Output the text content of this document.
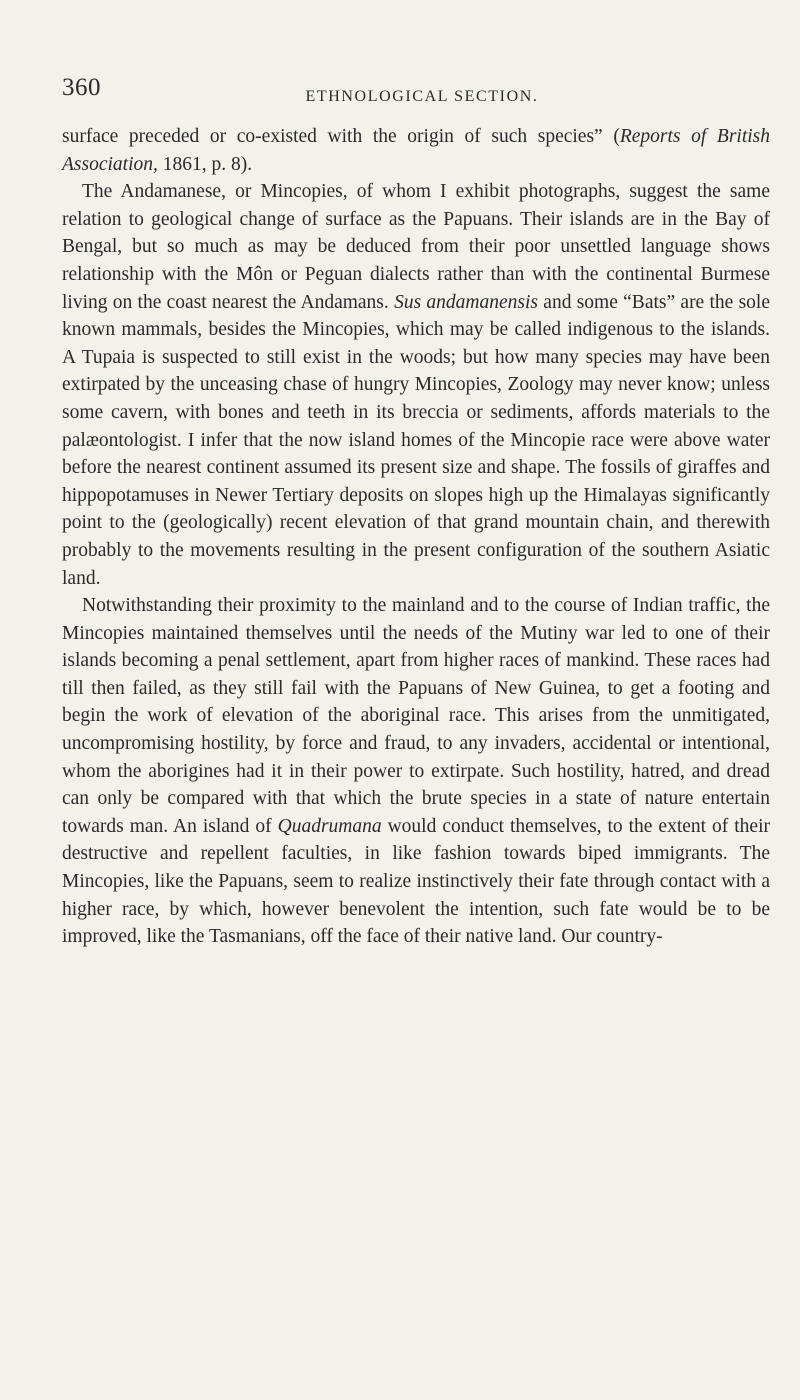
360	ETHNOLOGICAL SECTION.

surface preceded or co-existed with the origin of such species” (Reports of British Association, 1861, p. 8).

The Andamanese, or Mincopies, of whom I exhibit photographs, suggest the same relation to geological change of surface as the Papuans. Their islands are in the Bay of Bengal, but so much as may be deduced from their poor unsettled language shows relationship with the Môn or Peguan dialects rather than with the continental Burmese living on the coast nearest the Andamans. Sus andamanensis and some “Bats” are the sole known mammals, besides the Mincopies, which may be called indigenous to the islands. A Tupaia is suspected to still exist in the woods; but how many species may have been extirpated by the unceasing chase of hungry Mincopies, Zoology may never know; unless some cavern, with bones and teeth in its breccia or sediments, affords materials to the palæontologist. I infer that the now island homes of the Mincopie race were above water before the nearest continent assumed its present size and shape. The fossils of giraffes and hippopotamuses in Newer Tertiary deposits on slopes high up the Himalayas significantly point to the (geologically) recent elevation of that grand mountain chain, and therewith probably to the movements resulting in the present configuration of the southern Asiatic land.

Notwithstanding their proximity to the mainland and to the course of Indian traffic, the Mincopies maintained themselves until the needs of the Mutiny war led to one of their islands becoming a penal settlement, apart from higher races of mankind. These races had till then failed, as they still fail with the Papuans of New Guinea, to get a footing and begin the work of elevation of the aboriginal race. This arises from the unmitigated, uncompromising hostility, by force and fraud, to any invaders, accidental or intentional, whom the aborigines had it in their power to extirpate. Such hostility, hatred, and dread can only be compared with that which the brute species in a state of nature entertain towards man. An island of Quadrumana would conduct themselves, to the extent of their destructive and repellent faculties, in like fashion towards biped immigrants. The Mincopies, like the Papuans, seem to realize instinctively their fate through contact with a higher race, by which, however benevolent the intention, such fate would be to be improved, like the Tasmanians, off the face of their native land. Our country-
